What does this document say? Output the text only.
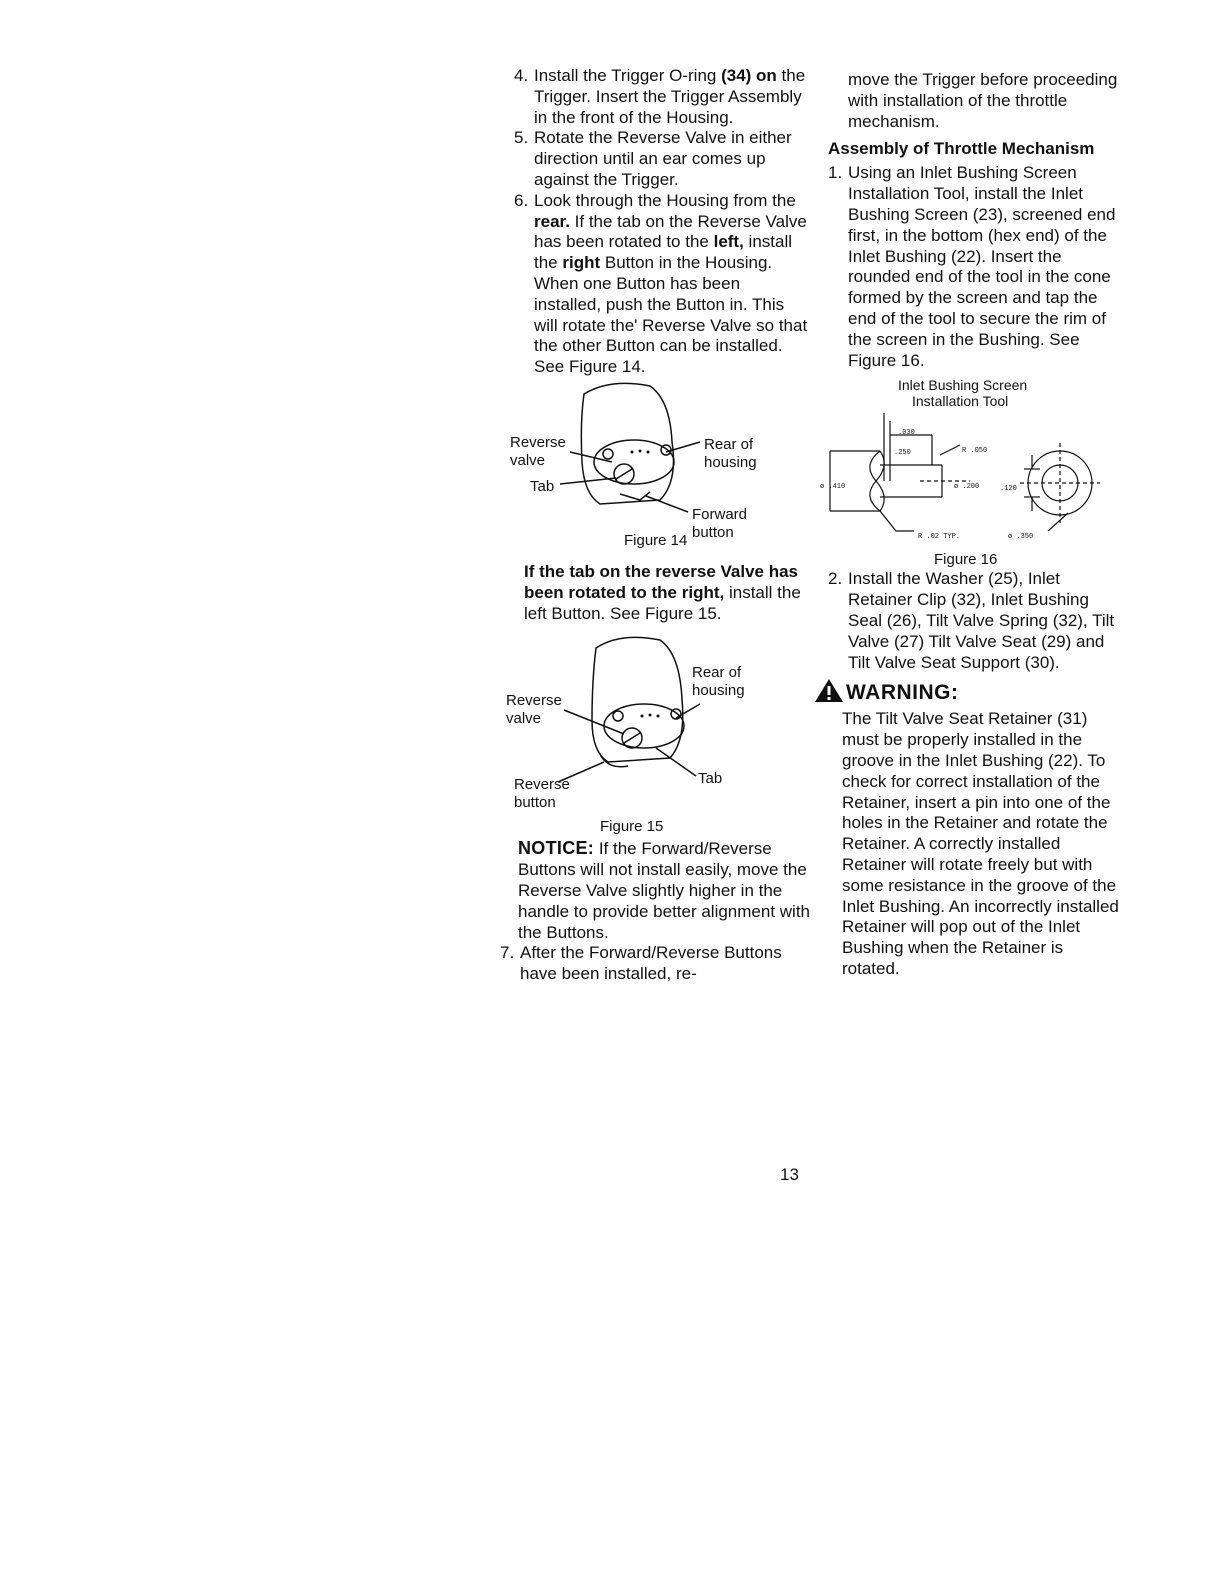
4. Install the Trigger O-ring (34) on the Trigger. Insert the Trigger Assembly in the front of the Housing.
5. Rotate the Reverse Valve in either direction until an ear comes up against the Trigger.
6. Look through the Housing from the rear. If the tab on the Reverse Valve has been rotated to the left, install the right Button in the Housing. When one Button has been installed, push the Button in. This will rotate the' Reverse Valve so that the other Button can be installed. See Figure 14.
Reverse
valve
Tab
Rear of
housing
Forward
button
Figure 14

If the tab on the reverse Valve has been rotated to the right, install the left Button. See Figure 15.

Rear of
housing
Reverse
valve
Reverse
button
Tab
Figure 15

NOTICE: If the Forward/Reverse Buttons will not install easily, move the Reverse Valve slightly higher in the handle to provide better alignment with the Buttons.

7. After the Forward/Reverse Buttons have been installed, re-

move the Trigger before proceeding with installation of the throttle mechanism.

Assembly of Throttle Mechanism
1. Using an Inlet Bushing Screen Installation Tool, install the Inlet Bushing Screen (23), screened end first, in the bottom (hex end) of the Inlet Bushing (22). Insert the rounded end of the tool in the cone formed by the screen and tap the end of the tool to secure the rim of the screen in the Bushing. See Figure 16.
Inlet Bushing Screen
Installation Tool
.030
.250	R .050
ø .410	ø .200	.120
R .02 TYP.	ø .350
Figure 16
2. Install the Washer (25), Inlet Retainer Clip (32), Inlet Bushing Seal (26), Tilt Valve Spring (32), Tilt Valve (27) Tilt Valve Seat (29) and Tilt Valve Seat Support (30).
WARNING:

The Tilt Valve Seat Retainer (31) must be properly installed in the groove in the Inlet Bushing (22). To check for correct installation of the Retainer, insert a pin into one of the holes in the Retainer and rotate the Retainer. A correctly installed Retainer will rotate freely but with some resistance in the groove of the Inlet Bushing. An incorrectly installed Retainer will pop out of the Inlet Bushing when the Retainer is rotated.

13
